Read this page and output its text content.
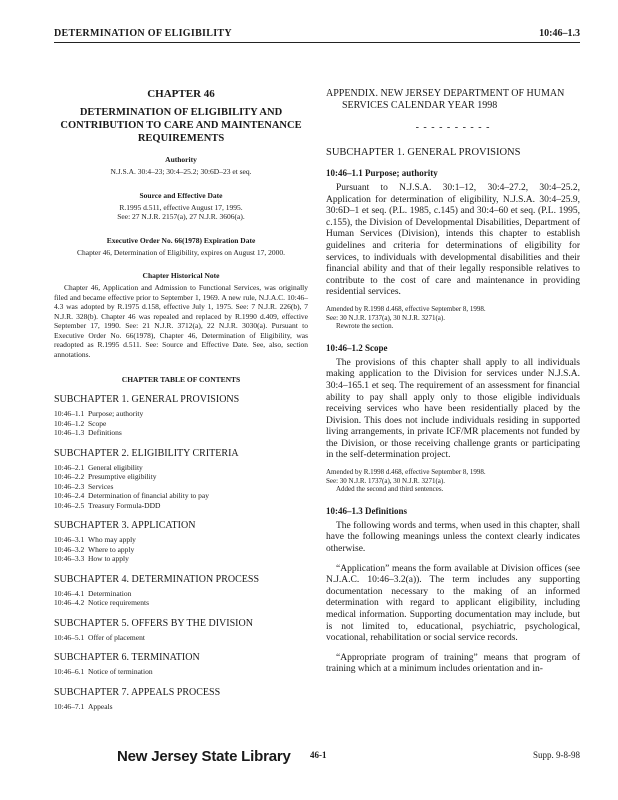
DETERMINATION OF ELIGIBILITY	10:46–1.3
CHAPTER 46
DETERMINATION OF ELIGIBILITY AND CONTRIBUTION TO CARE AND MAINTENANCE REQUIREMENTS
Authority
N.J.S.A. 30:4–23; 30:4–25.2; 30:6D–23 et seq.
Source and Effective Date
R.1995 d.511, effective August 17, 1995.
See: 27 N.J.R. 2157(a), 27 N.J.R. 3606(a).
Executive Order No. 66(1978) Expiration Date
Chapter 46, Determination of Eligibility, expires on August 17, 2000.
Chapter Historical Note

Chapter 46, Application and Admission to Functional Services, was originally filed and became effective prior to September 1, 1969. A new rule, N.J.A.C. 10:46–4.3 was adopted by R.1975 d.158, effective July 1, 1975. See: 7 N.J.R. 226(b), 7 N.J.R. 328(b). Chapter 46 was repealed and replaced by R.1990 d.409, effective September 17, 1990. See: 21 N.J.R. 3712(a), 22 N.J.R. 3030(a). Pursuant to Executive Order No. 66(1978), Chapter 46, Determination of Eligibility, was readopted as R.1995 d.511. See: Source and Effective Date. See, also, section annotations.

CHAPTER TABLE OF CONTENTS
SUBCHAPTER 1. GENERAL PROVISIONS
10:46–1.1 Purpose; authority
10:46–1.2 Scope
10:46–1.3 Definitions
SUBCHAPTER 2. ELIGIBILITY CRITERIA
10:46–2.1 General eligibility
10:46–2.2 Presumptive eligibility
10:46–2.3 Services
10:46–2.4 Determination of financial ability to pay
10:46–2.5 Treasury Formula-DDD
SUBCHAPTER 3. APPLICATION
10:46–3.1 Who may apply
10:46–3.2 Where to apply
10:46–3.3 How to apply
SUBCHAPTER 4. DETERMINATION PROCESS
10:46–4.1 Determination
10:46–4.2 Notice requirements
SUBCHAPTER 5. OFFERS BY THE DIVISION
10:46–5.1 Offer of placement
SUBCHAPTER 6. TERMINATION
10:46–6.1 Notice of termination
SUBCHAPTER 7. APPEALS PROCESS
10:46–7.1 Appeals
APPENDIX. NEW JERSEY DEPARTMENT OF HUMAN SERVICES CALENDAR YEAR 1998
- - - - - - - - - -
SUBCHAPTER 1. GENERAL PROVISIONS
10:46–1.1 Purpose; authority

Pursuant to N.J.S.A. 30:1–12, 30:4–27.2, 30:4–25.2, Application for determination of eligibility, N.J.S.A. 30:4–25.9, 30:6D–1 et seq. (P.L. 1985, c.145) and 30:4–60 et seq. (P.L. 1995, c.155), the Division of Developmental Disabilities, Department of Human Services (Division), intends this chapter to establish guidelines and criteria for determinations of eligibility for services, to individuals with developmental disabilities and their financial ability and that of their legally responsible relatives to contribute to the cost of care and maintenance in providing residential services.

Amended by R.1998 d.468, effective September 8, 1998.
See: 30 N.J.R. 1737(a), 30 N.J.R. 3271(a).
Rewrote the section.
10:46–1.2 Scope

The provisions of this chapter shall apply to all individuals making application to the Division for services under N.J.S.A. 30:4–165.1 et seq. The requirement of an assessment for financial ability to pay shall apply only to those eligible individuals receiving services who have been residentially placed by the Division. This does not include individuals residing in supported living arrangements, in private ICF/MR placements not funded by the Division, or those receiving challenge grants or participating in the self-determination project.

Amended by R.1998 d.468, effective September 8, 1998.
See: 30 N.J.R. 1737(a), 30 N.J.R. 3271(a).
Added the second and third sentences.
10:46–1.3 Definitions

The following words and terms, when used in this chapter, shall have the following meanings unless the context clearly indicates otherwise.

“Application” means the form available at Division offices (see N.J.A.C. 10:46–3.2(a)). The term includes any supporting documentation necessary to the making of an informed determination with regard to applicant eligibility, including medical information. Supporting documentation may include, but is not limited to, educational, psychiatric, psychological, vocational, rehabilitation or social service records.

“Appropriate program of training” means that program of training which at a minimum includes orientation and in-

New Jersey State Library 46-1	Supp. 9-8-98
